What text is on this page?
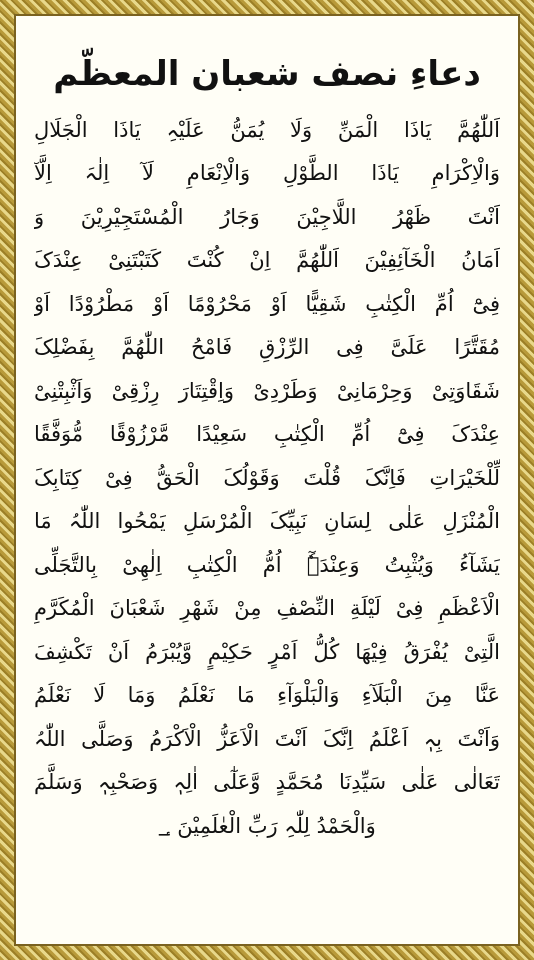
دعاءِ نصف شعبان المعظّم
اَللّٰھُمَّ یَاذَا الْمَنِّ وَلَا یُمَنُّ عَلَیْہِ یَاذَا الْجَلَالِ
وَالْاِکْرَامِ یَاذَا الطَّوْلِ وَالْاِنْعَامِ لَآ اِلٰہَ اِلَّآ
اَنْتَ ظَھْرُ اللَّاجِیْنَ وَجَارُ الْمُسْتَجِیْرِیْنَ وَ
اَمَانُ الْخَآئِفِیْنَ اَللّٰھُمَّ اِنْ کُنْتَ کَتَبْتَنِیْ عِنْدَکَ
فِیْٓ اُمِّ الْکِتٰبِ شَقِیًّا اَوْ مَحْرُوْمًا اَوْ مَطْرُوْدًا اَوْ
مُقَتَّرًا عَلَیَّ فِی الرِّزْقِ فَامْحُ اللّٰھُمَّ بِفَضْلِکَ
شَقَاوَتِیْ وَحِرْمَانِیْ وَطَرْدِیْ وَاِقْتِتَارَ رِزْقِیْ وَاَثْبِتْنِیْ
عِنْدَکَ فِیْٓ اُمِّ الْکِتٰبِ سَعِیْدًا مَّرْزُوْقًا مُّوَفَّقًا
لِّلْخَیْرَاتِ فَاِنَّکَ قُلْتَ وَقَوْلُکَ الْحَقُّ فِیْ کِتَابِکَ
الْمُنْزَلِ عَلٰی لِسَانِ نَبِیِّکَ الْمُرْسَلِ یَمْحُوا اللّٰہُ مَا
یَشَآءُ وَیُثْبِتُ وَعِنْدَہٗٓ اُمُّ الْکِتٰبِ اِلٰھِیْ بِالتَّجَلِّی
الْاَعْظَمِ فِیْ لَیْلَةِ النِّصْفِ مِنْ شَھْرِ شَعْبَانَ الْمُکَرَّمِ
الَّتِیْ یُفْرَقُ فِیْھَا کُلُّ اَمْرٍ حَکِیْمٍ وَّیُبْرَمُ اَنْ تَکْشِفَ
عَنَّا مِنَ الْبَلَآءِ وَالْبَلْوَآءِ مَا نَعْلَمُ وَمَا لَا نَعْلَمُ
وَاَنْتَ بِہٖ اَعْلَمُ اِنَّکَ اَنْتَ الْاَعَزُّ الْاَکْرَمُ وَصَلَّی اللّٰہُ
تَعَالٰی عَلٰی سَیِّدِنَا مُحَمَّدٍ وَّعَلٰٓی اٰلِہٖ وَصَحْبِہٖ وَسَلَّمَ
وَالْحَمْدُ لِلّٰہِ رَبِّ الْعٰلَمِیْنَ ؀
